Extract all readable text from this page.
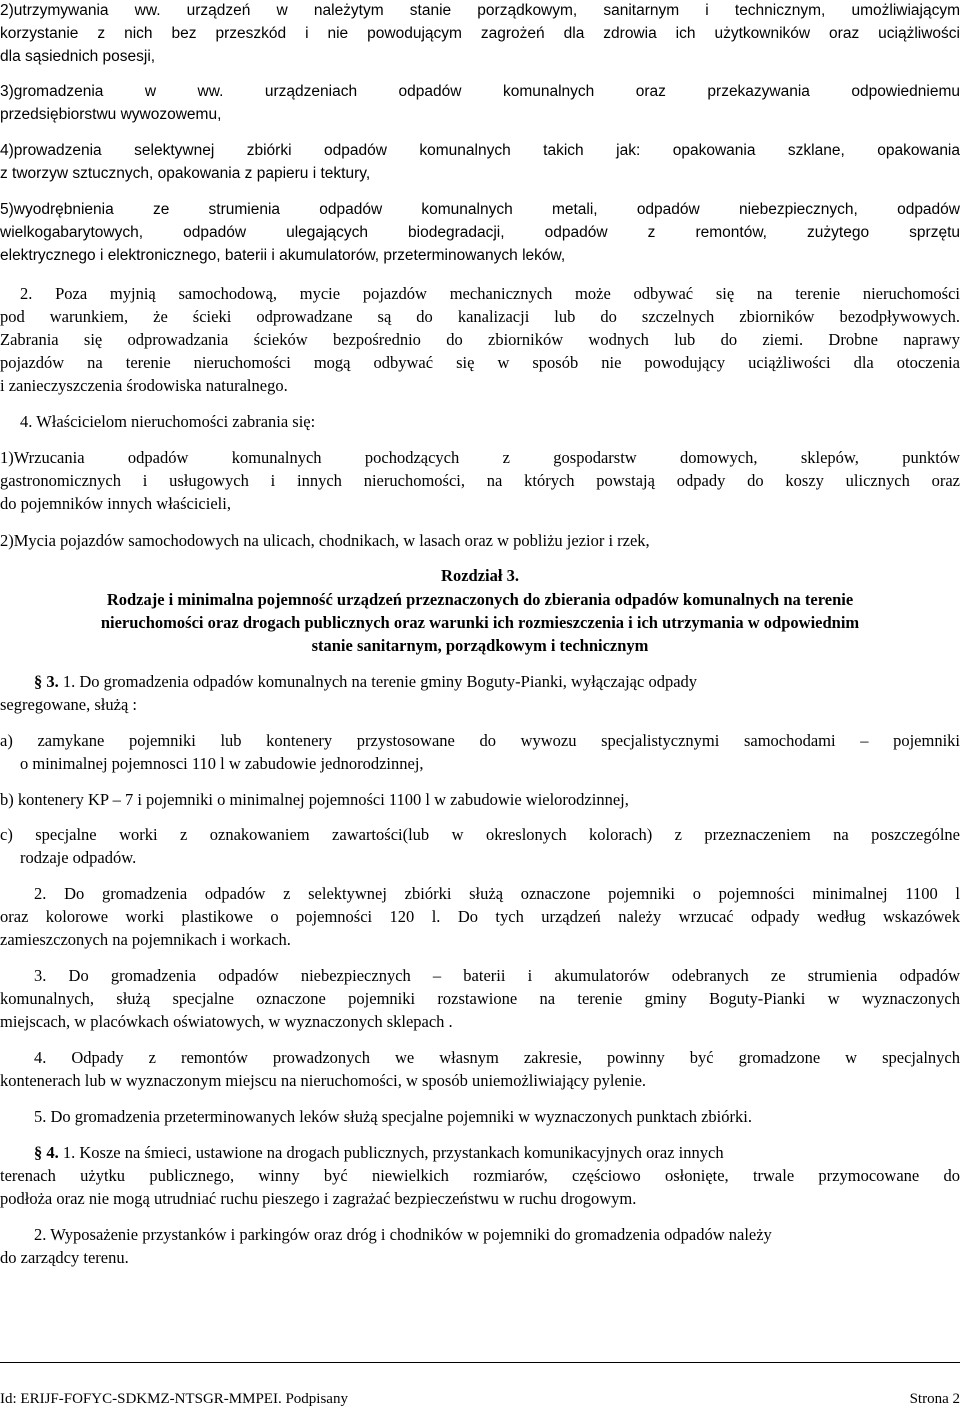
2)utrzymywania ww. urządzeń w należytym stanie porządkowym, sanitarnym i technicznym, umożliwiającym

korzystanie z nich bez przeszkód i nie powodującym zagrożeń dla zdrowia ich użytkowników oraz uciążliwości

dla sąsiednich posesji,

3)gromadzenia w ww. urządzeniach odpadów komunalnych oraz przekazywania odpowiedniemu

przedsiębiorstwu wywozowemu,

4)prowadzenia selektywnej zbiórki odpadów komunalnych takich jak: opakowania szklane, opakowania

z tworzyw sztucznych, opakowania z papieru i tektury,

5)wyodrębnienia ze strumienia odpadów komunalnych metali, odpadów niebezpiecznych, odpadów

wielkogabarytowych, odpadów ulegających biodegradacji, odpadów z remontów, zużytego sprzętu

elektrycznego i elektronicznego, baterii i akumulatorów, przeterminowanych leków,

2. Poza myjnią samochodową, mycie pojazdów mechanicznych może odbywać się na terenie nieruchomości

pod warunkiem, że ścieki odprowadzane są do kanalizacji lub do szczelnych zbiorników bezodpływowych.

Zabrania się odprowadzania ścieków bezpośrednio do zbiorników wodnych lub do ziemi. Drobne naprawy

pojazdów na terenie nieruchomości mogą odbywać się w sposób nie powodujący uciążliwości dla otoczenia

i zanieczyszczenia środowiska naturalnego.

4. Właścicielom nieruchomości zabrania się:

1)Wrzucania odpadów komunalnych pochodzących z gospodarstw domowych, sklepów, punktów

gastronomicznych i usługowych i innych nieruchomości, na których powstają odpady do koszy ulicznych oraz

do pojemników innych właścicieli,

2)Mycia pojazdów samochodowych na ulicach, chodnikach, w lasach oraz w pobliżu jezior i rzek,

Rozdział 3.

Rodzaje i minimalna pojemność urządzeń przeznaczonych do zbierania odpadów komunalnych na terenie

nieruchomości oraz drogach publicznych oraz warunki ich rozmieszczenia i ich utrzymania w odpowiednim

stanie sanitarnym, porządkowym i technicznym

§ 3. 1. Do gromadzenia odpadów komunalnych na terenie gminy Boguty-Pianki, wyłączając odpady

segregowane, służą :

a) zamykane pojemniki lub kontenery przystosowane do wywozu specjalistycznymi samochodami – pojemniki

o minimalnej pojemnosci 110 l w zabudowie jednorodzinnej,

b) kontenery KP – 7 i pojemniki o minimalnej pojemności 1100 l w zabudowie wielorodzinnej,

c) specjalne worki z oznakowaniem zawartości(lub w okreslonych kolorach) z przeznaczeniem na poszczególne

rodzaje odpadów.

2. Do gromadzenia odpadów z selektywnej zbiórki służą oznaczone pojemniki o pojemności minimalnej 1100 l

oraz kolorowe worki plastikowe o pojemności 120 l. Do tych urządzeń należy wrzucać odpady według wskazówek

zamieszczonych na pojemnikach i workach.

3. Do gromadzenia odpadów niebezpiecznych – baterii i akumulatorów odebranych ze strumienia odpadów

komunalnych, służą specjalne oznaczone pojemniki rozstawione na terenie gminy Boguty-Pianki w wyznaczonych

miejscach, w placówkach oświatowych, w wyznaczonych sklepach .

4. Odpady z remontów prowadzonych we własnym zakresie, powinny być gromadzone w specjalnych

kontenerach lub w wyznaczonym miejscu na nieruchomości, w sposób uniemożliwiający pylenie.

5. Do gromadzenia przeterminowanych leków służą specjalne pojemniki w wyznaczonych punktach zbiórki.

§ 4. 1. Kosze na śmieci, ustawione na drogach publicznych, przystankach komunikacyjnych oraz innych

terenach użytku publicznego, winny być niewielkich rozmiarów, częściowo osłonięte, trwale przymocowane do

podłoża oraz nie mogą utrudniać ruchu pieszego i zagrażać bezpieczeństwu w ruchu drogowym.

2. Wyposażenie przystanków i parkingów oraz dróg i chodników w pojemniki do gromadzenia odpadów należy

do zarządcy terenu.

Id: ERIJF-FOFYC-SDKMZ-NTSGR-MMPEI. Podpisany	Strona 2
